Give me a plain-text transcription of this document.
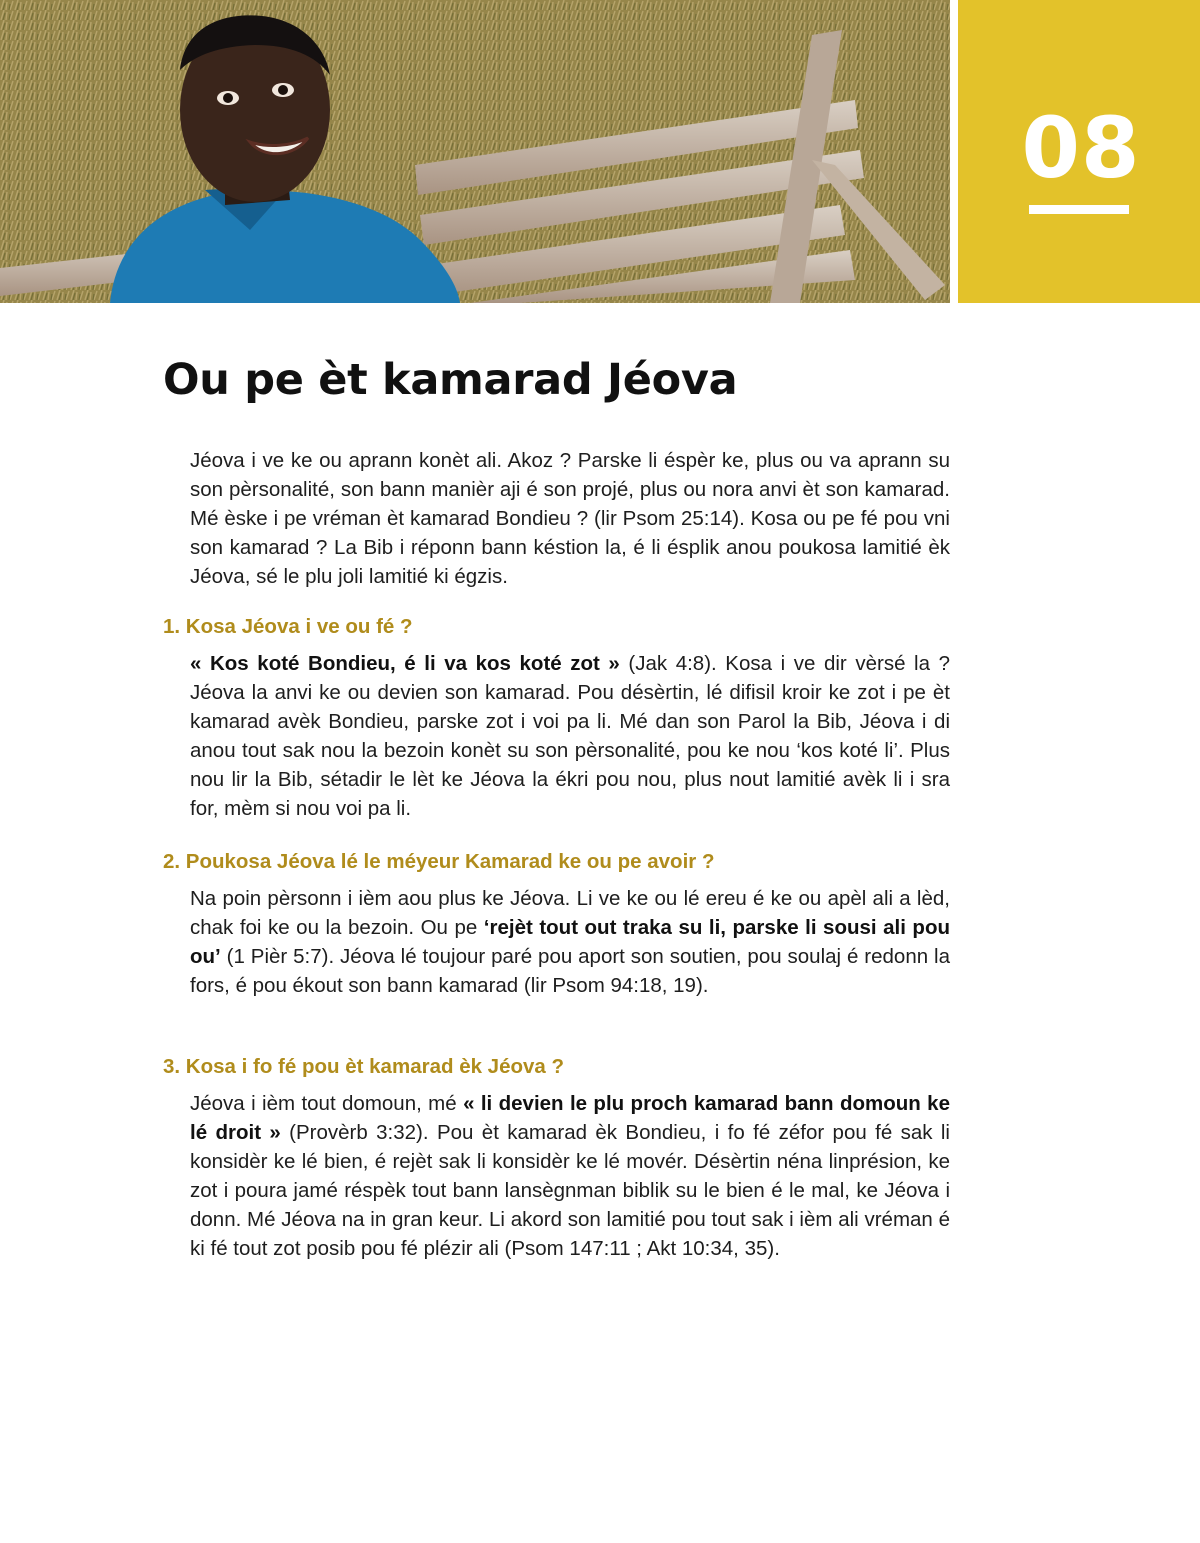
08
Ou pe èt kamarad Jéova

Jéova i ve ke ou aprann konèt ali. Akoz ? Parske li éspèr ke, plus ou va aprann su son pèrsonalité, son bann manièr aji é son projé, plus ou nora anvi èt son kamarad. Mé èske i pe vréman èt kamarad Bondieu ? (lir Psom 25:14). Kosa ou pe fé pou vni son kamarad ? La Bib i réponn bann késtion la, é li ésplik anou poukosa lamitié èk Jéova, sé le plu joli lamitié ki égzis.

1. Kosa Jéova i ve ou fé ?

« Kos koté Bondieu, é li va kos koté zot » (Jak 4:8). Kosa i ve dir vèrsé la ? Jéova la anvi ke ou devien son kamarad. Pou désèrtin, lé difisil kroir ke zot i pe èt kamarad avèk Bondieu, parske zot i voi pa li. Mé dan son Parol la Bib, Jéova i di anou tout sak nou la bezoin konèt su son pèrsonalité, pou ke nou ‘kos koté li’. Plus nou lir la Bib, sétadir le lèt ke Jéova la ékri pou nou, plus nout lamitié avèk li i sra for, mèm si nou voi pa li.

2. Poukosa Jéova lé le méyeur Kamarad ke ou pe avoir ?

Na poin pèrsonn i ièm aou plus ke Jéova. Li ve ke ou lé ereu é ke ou apèl ali a lèd, chak foi ke ou la bezoin. Ou pe ‘rejèt tout out traka su li, parske li sousi ali pou ou’ (1 Pièr 5:7). Jéova lé toujour paré pou aport son soutien, pou soulaj é redonn la fors, é pou ékout son bann kamarad (lir Psom 94:18, 19).

3. Kosa i fo fé pou èt kamarad èk Jéova ?

Jéova i ièm tout domoun, mé « li devien le plu proch kamarad bann domoun ke lé droit » (Provèrb 3:32). Pou èt kamarad èk Bondieu, i fo fé zéfor pou fé sak li konsidèr ke lé bien, é rejèt sak li konsidèr ke lé movér. Désèrtin néna linprésion, ke zot i poura jamé réspèk tout bann lansègnman biblik su le bien é le mal, ke Jéova i donn. Mé Jéova na in gran keur. Li akord son lamitié pou tout sak i ièm ali vréman é ki fé tout zot posib pou fé plézir ali (Psom 147:11 ; Akt 10:34, 35).
